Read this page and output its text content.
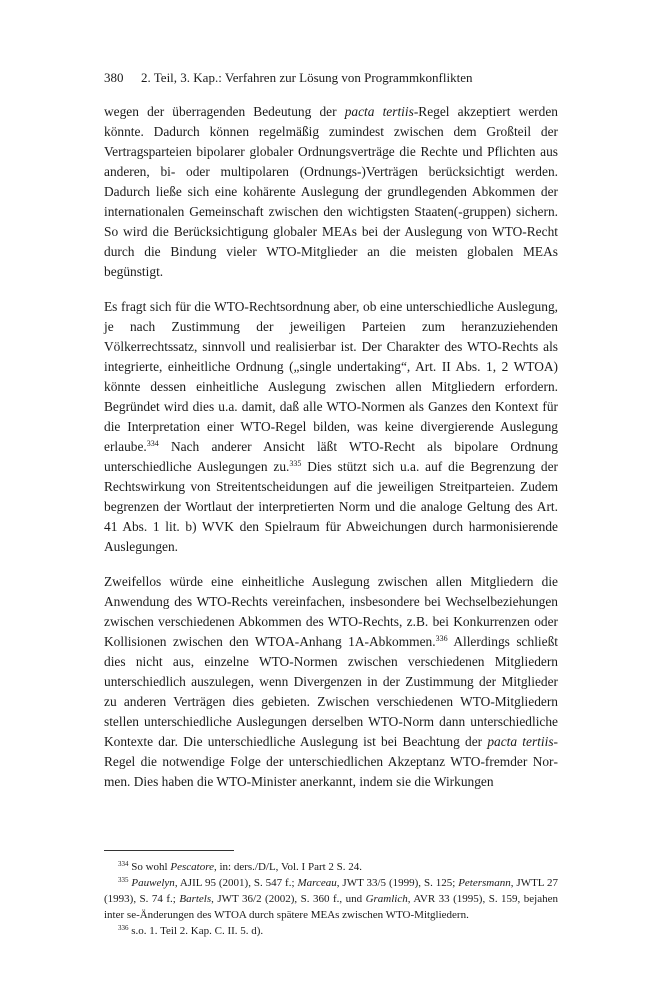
380 2. Teil, 3. Kap.: Verfahren zur Lösung von Programmkonflikten

wegen der überragenden Bedeutung der pacta tertiis-Regel akzeptiert werden könnte. Dadurch können regelmäßig zumindest zwischen dem Großteil der Vertragsparteien bipolarer globaler Ordnungsverträge die Rechte und Pflichten aus anderen, bi- oder multipolaren (Ordnungs-)Verträgen berücksichtigt werden. Dadurch ließe sich eine kohärente Auslegung der grundlegenden Abkommen der internationalen Gemeinschaft zwischen den wichtigsten Staaten(-gruppen) sichern. So wird die Berücksichtigung globaler MEAs bei der Auslegung von WTO-Recht durch die Bindung vieler WTO-Mitglieder an die meisten globalen MEAs begünstigt.

Es fragt sich für die WTO-Rechtsordnung aber, ob eine unterschiedliche Auslegung, je nach Zustimmung der jeweiligen Parteien zum heranzuziehenden Völkerrechtssatz, sinnvoll und realisierbar ist. Der Charakter des WTO-Rechts als integrierte, einheitliche Ordnung („single undertaking“, Art. II Abs. 1, 2 WTOA) könnte dessen einheitliche Auslegung zwischen allen Mitgliedern erfordern. Begründet wird dies u.a. damit, daß alle WTO-Normen als Ganzes den Kontext für die Interpretation einer WTO-Regel bilden, was keine divergierende Auslegung erlaube.$^{334}$ Nach anderer Ansicht läßt WTO-Recht als bipolare Ordnung unterschiedliche Auslegungen zu.$^{335}$ Dies stützt sich u.a. auf die Begrenzung der Rechtswirkung von Streitentscheidungen auf die jeweiligen Streitparteien. Zudem begrenzen der Wortlaut der interpretierten Norm und die analoge Geltung des Art. 41 Abs. 1 lit. b) WVK den Spielraum für Abweichungen durch harmonisierende Auslegungen.

Zweifellos würde eine einheitliche Auslegung zwischen allen Mitgliedern die Anwendung des WTO-Rechts vereinfachen, insbesondere bei Wechselbeziehungen zwischen verschiedenen Abkommen des WTO-Rechts, z.B. bei Konkurrenzen oder Kollisionen zwischen den WTOA-Anhang 1A-Abkommen.$^{336}$ Allerdings schließt dies nicht aus, einzelne WTO-Normen zwischen verschiedenen Mitgliedern unterschiedlich auszulegen, wenn Divergenzen in der Zustimmung der Mitglieder zu anderen Verträgen dies gebieten. Zwischen verschiedenen WTO-Mitgliedern stellen unterschiedliche Auslegungen derselben WTO-Norm dann unterschiedliche Kontexte dar. Die unterschiedliche Auslegung ist bei Beachtung der pacta tertiis-Regel die notwendige Folge der unterschiedlichen Akzeptanz WTO-fremder Normen. Dies haben die WTO-Minister anerkannt, indem sie die Wirkungen

$^{334}$ So wohl Pescatore, in: ders./D/L, Vol. I Part 2 S. 24.

$^{335}$ Pauwelyn, AJIL 95 (2001), S. 547 f.; Marceau, JWT 33/5 (1999), S. 125; Petersmann, JWTL 27 (1993), S. 74 f.; Bartels, JWT 36/2 (2002), S. 360 f., und Gramlich, AVR 33 (1995), S. 159, bejahen inter se-Änderungen des WTOA durch spätere MEAs zwischen WTO-Mitgliedern.

$^{336}$ s.o. 1. Teil 2. Kap. C. II. 5. d).
